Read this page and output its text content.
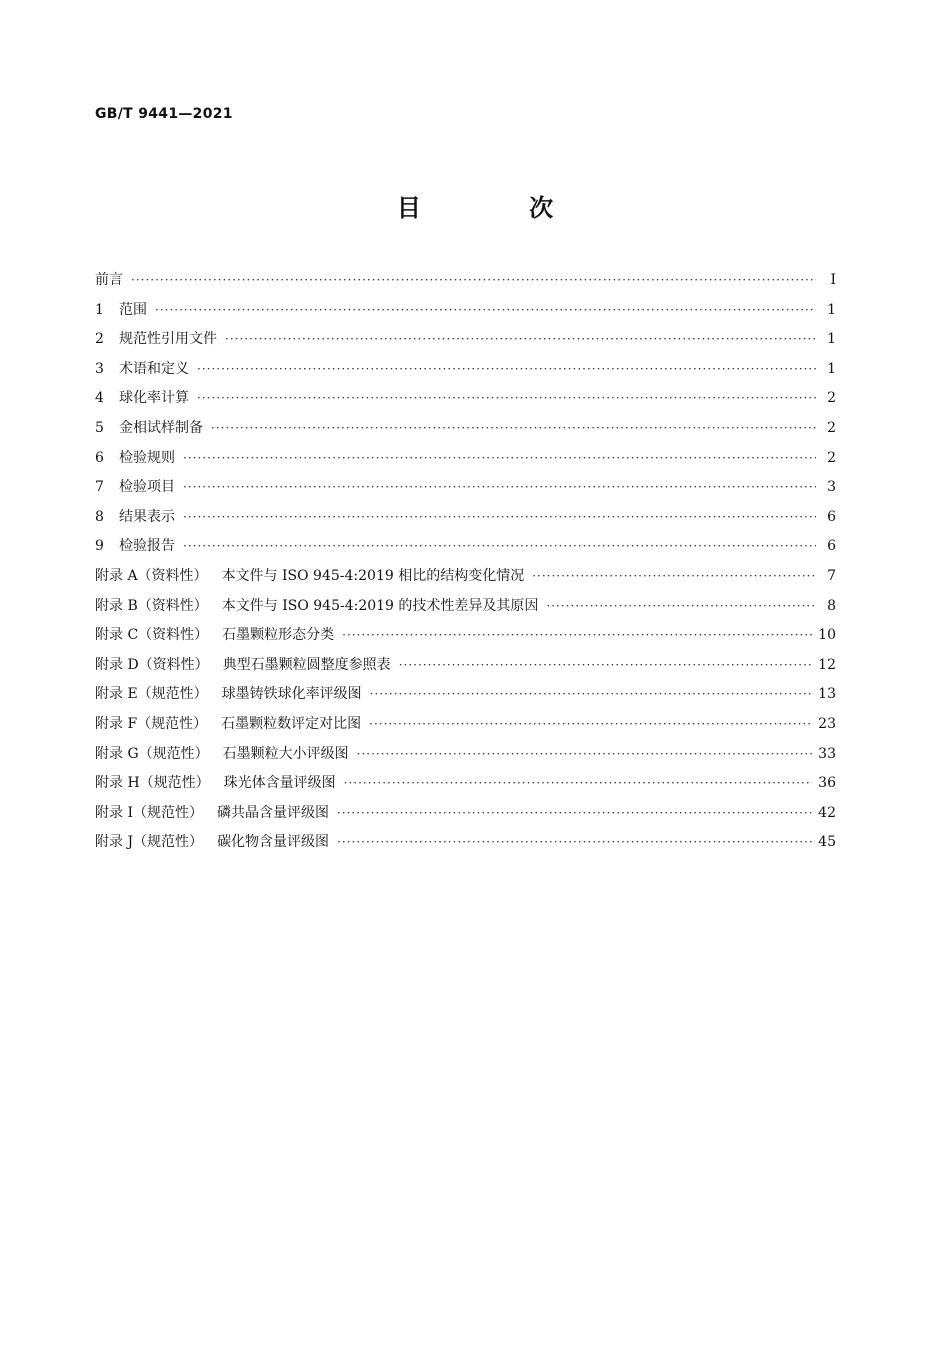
GB/T 9441—2021
目 次
前言 ·····	Ⅰ
1	范围 ·····	1
2	规范性引用文件 ·····	1
3	术语和定义 ·····	1
4	球化率计算 ·····	2
5	金相试样制备 ·····	2
6	检验规则 ·····	2
7	检验项目 ·····	3
8	结果表示 ·····	6
9	检验报告 ·····	6
附录 A（资料性） 本文件与 ISO 945-4:2019 相比的结构变化情况 ·····	7
附录 B（资料性） 本文件与 ISO 945-4:2019 的技术性差异及其原因 ·····	8
附录 C（资料性） 石墨颗粒形态分类 ·····	10
附录 D（资料性） 典型石墨颗粒圆整度参照表 ·····	12
附录 E（规范性） 球墨铸铁球化率评级图 ·····	13
附录 F（规范性） 石墨颗粒数评定对比图 ·····	23
附录 G（规范性） 石墨颗粒大小评级图 ·····	33
附录 H（规范性） 珠光体含量评级图 ·····	36
附录 I（规范性） 磷共晶含量评级图 ·····	42
附录 J（规范性） 碳化物含量评级图 ·····	45
